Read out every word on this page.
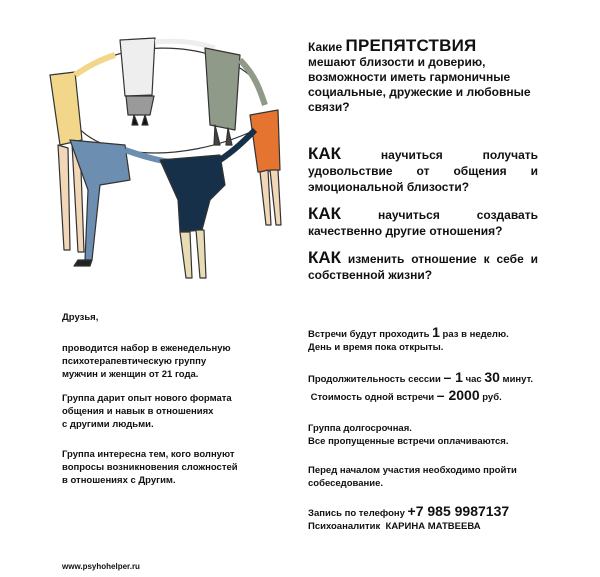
Какие ПРЕПЯТСТВИЯ
мешают близости и доверию, возможности иметь гармоничные социальные, дружеские и любовные связи?
КАК научиться получать удовольствие от общения и эмоциональной близости?
КАК научиться создавать качественно другие отношения?
КАК изменить отношение к себе и собственной жизни?
Друзья,
проводится набор в еженедельную
психотерапевтическую группу
мужчин и женщин от 21 года.
Группа дарит опыт нового формата
общения и навык в отношениях
с другими людьми.
Группа интересна тем, кого волнуют
вопросы возникновения сложностей
в отношениях с Другим.
Встречи будут проходить 1 раз в неделю.
День и время пока открыты.
Продолжительность сессии – 1 час 30 минут.
Стоимость одной встречи – 2000 руб.
Группа долгосрочная.
Все пропущенные встречи оплачиваются.
Перед началом участия необходимо пройти
собеседование.
Запись по телефону +7 985 9987137
Психоаналитик  КАРИНА МАТВЕЕВА
www.psyhohelper.ru
